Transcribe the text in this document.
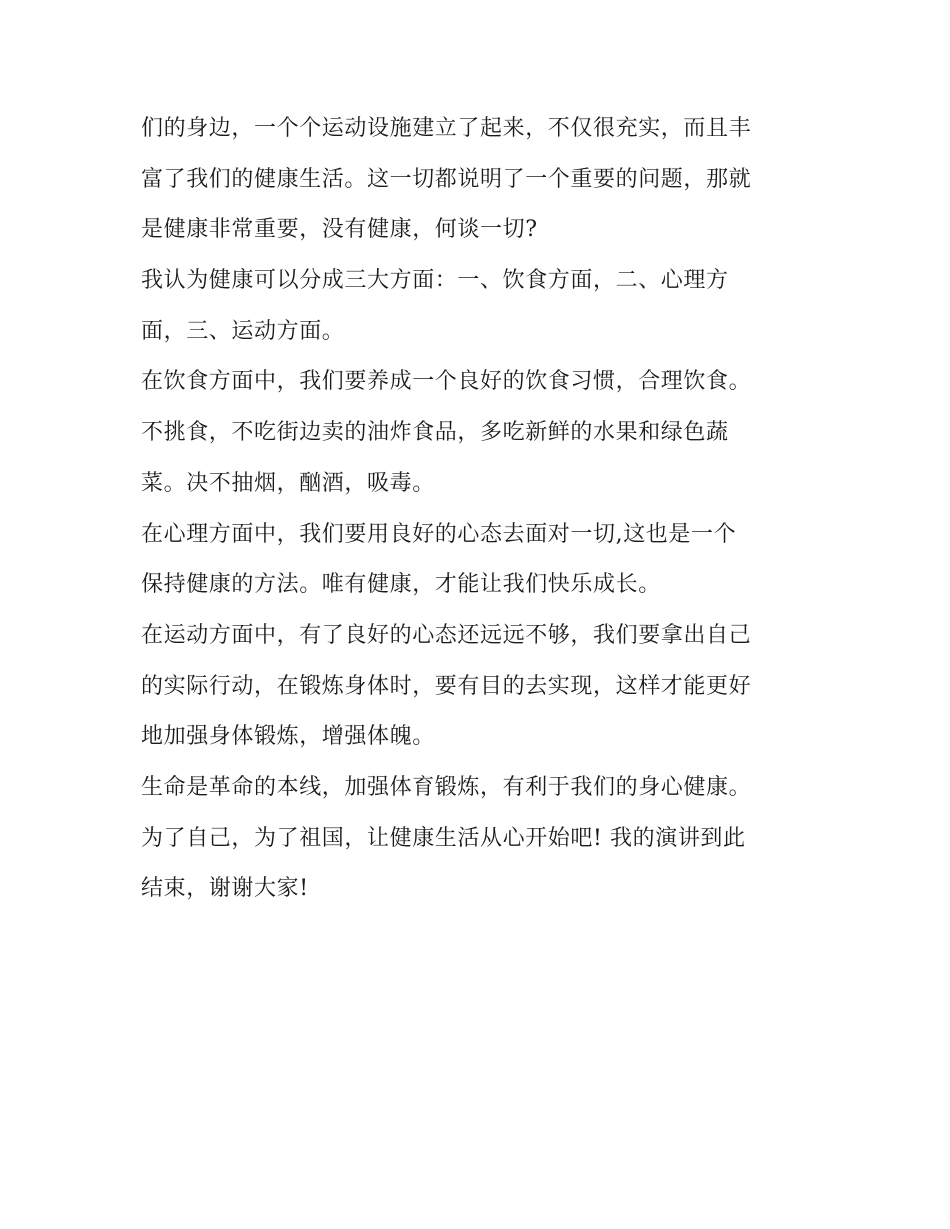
们的身边，一个个运动设施建立了起来，不仅很充实，而且丰
富了我们的健康生活。这一切都说明了一个重要的问题，那就
是健康非常重要，没有健康，何谈一切?
我认为健康可以分成三大方面：一、饮食方面，二、心理方
面，三、运动方面。
在饮食方面中，我们要养成一个良好的饮食习惯，合理饮食。
不挑食，不吃街边卖的油炸食品，多吃新鲜的水果和绿色蔬
菜。决不抽烟，酗酒，吸毒。
在心理方面中，我们要用良好的心态去面对一切,这也是一个
保持健康的方法。唯有健康，才能让我们快乐成长。
在运动方面中，有了良好的心态还远远不够，我们要拿出自己
的实际行动，在锻炼身体时，要有目的去实现，这样才能更好
地加强身体锻炼，增强体魄。
生命是革命的本线，加强体育锻炼，有利于我们的身心健康。
为了自己，为了祖国，让健康生活从心开始吧! 我的演讲到此
结束，谢谢大家!
